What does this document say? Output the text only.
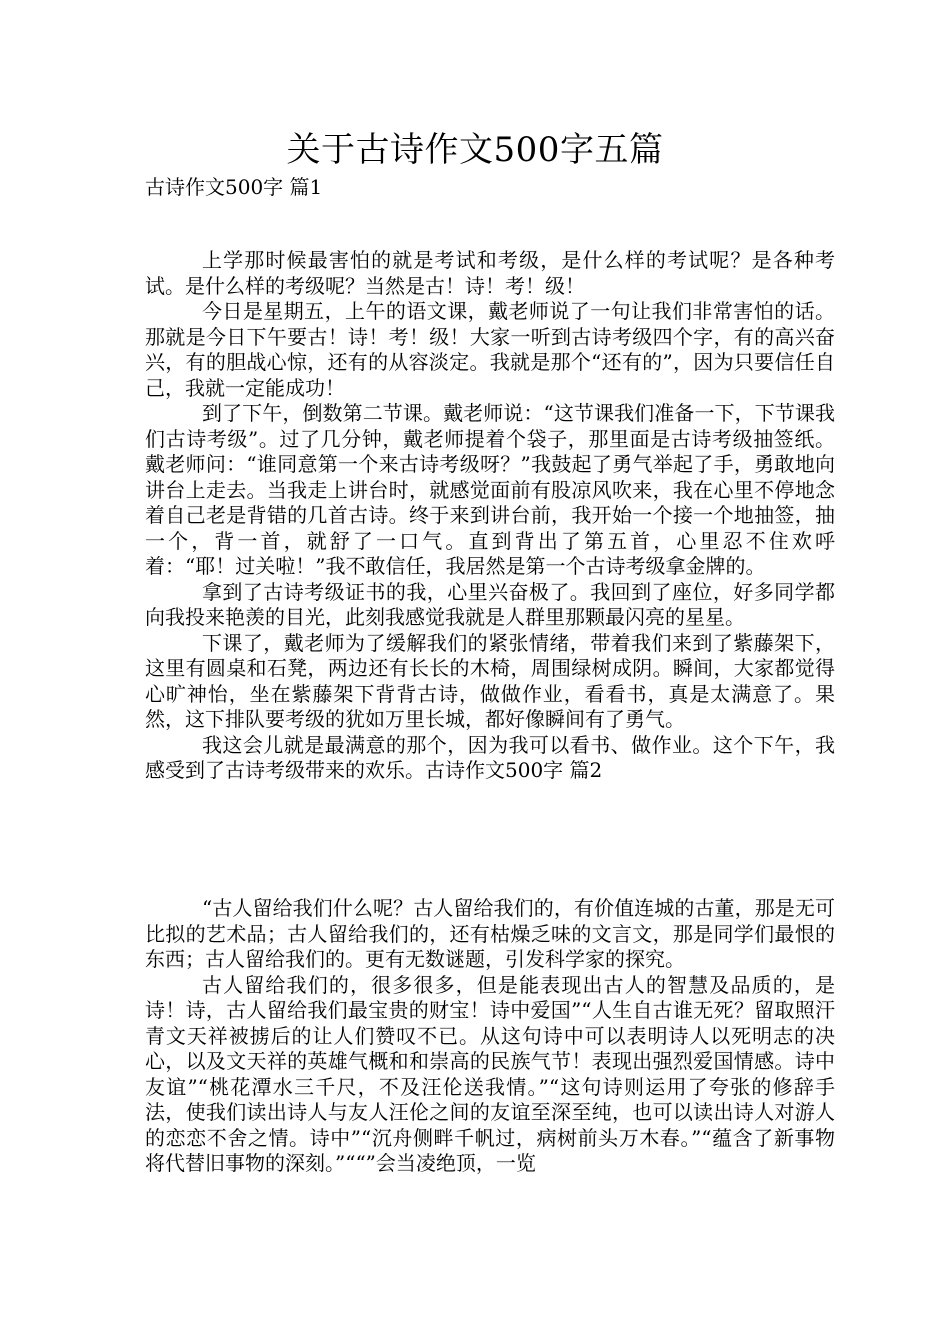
关于古诗作文500字五篇
古诗作文500字 篇1

上学那时候最害怕的就是考试和考级，是什么样的考试呢？是各种考试。是什么样的考级呢？当然是古！诗！考！级！

今日是星期五，上午的语文课，戴老师说了一句让我们非常害怕的话。那就是今日下午要古！诗！考！级！大家一听到古诗考级四个字，有的高兴奋兴，有的胆战心惊，还有的从容淡定。我就是那个“还有的”，因为只要信任自己，我就一定能成功！

到了下午，倒数第二节课。戴老师说：“这节课我们准备一下，下节课我们古诗考级”。过了几分钟，戴老师提着个袋子，那里面是古诗考级抽签纸。戴老师问：“谁同意第一个来古诗考级呀？”我鼓起了勇气举起了手，勇敢地向讲台上走去。当我走上讲台时，就感觉面前有股凉风吹来，我在心里不停地念着自己老是背错的几首古诗。终于来到讲台前，我开始一个接一个地抽签，抽一个，背一首，就舒了一口气。直到背出了第五首，心里忍不住欢呼着：“耶！过关啦！”我不敢信任，我居然是第一个古诗考级拿金牌的。

拿到了古诗考级证书的我，心里兴奋极了。我回到了座位，好多同学都向我投来艳羡的目光，此刻我感觉我就是人群里那颗最闪亮的星星。

下课了，戴老师为了缓解我们的紧张情绪，带着我们来到了紫藤架下，这里有圆桌和石凳，两边还有长长的木椅，周围绿树成阴。瞬间，大家都觉得心旷神怡，坐在紫藤架下背背古诗，做做作业，看看书，真是太满意了。果然，这下排队要考级的犹如万里长城，都好像瞬间有了勇气。

我这会儿就是最满意的那个，因为我可以看书、做作业。这个下午，我感受到了古诗考级带来的欢乐。古诗作文500字 篇2

“古人留给我们什么呢？古人留给我们的，有价值连城的古董，那是无可比拟的艺术品；古人留给我们的，还有枯燥乏味的文言文，那是同学们最恨的东西；古人留给我们的。更有无数谜题，引发科学家的探究。

古人留给我们的，很多很多，但是能表现出古人的智慧及品质的，是诗！诗，古人留给我们最宝贵的财宝！诗中爱国”“人生自古谁无死？留取照汗青文天祥被掳后的让人们赞叹不已。从这句诗中可以表明诗人以死明志的决心，以及文天祥的英雄气概和和崇高的民族气节！表现出强烈爱国情感。诗中友谊”“桃花潭水三千尺，不及汪伦送我情。”“这句诗则运用了夸张的修辞手法，使我们读出诗人与友人汪伦之间的友谊至深至纯，也可以读出诗人对游人的恋恋不舍之情。诗中”“沉舟侧畔千帆过，病树前头万木春。”“蕴含了新事物将代替旧事物的深刻。”““”会当凌绝顶，一览
